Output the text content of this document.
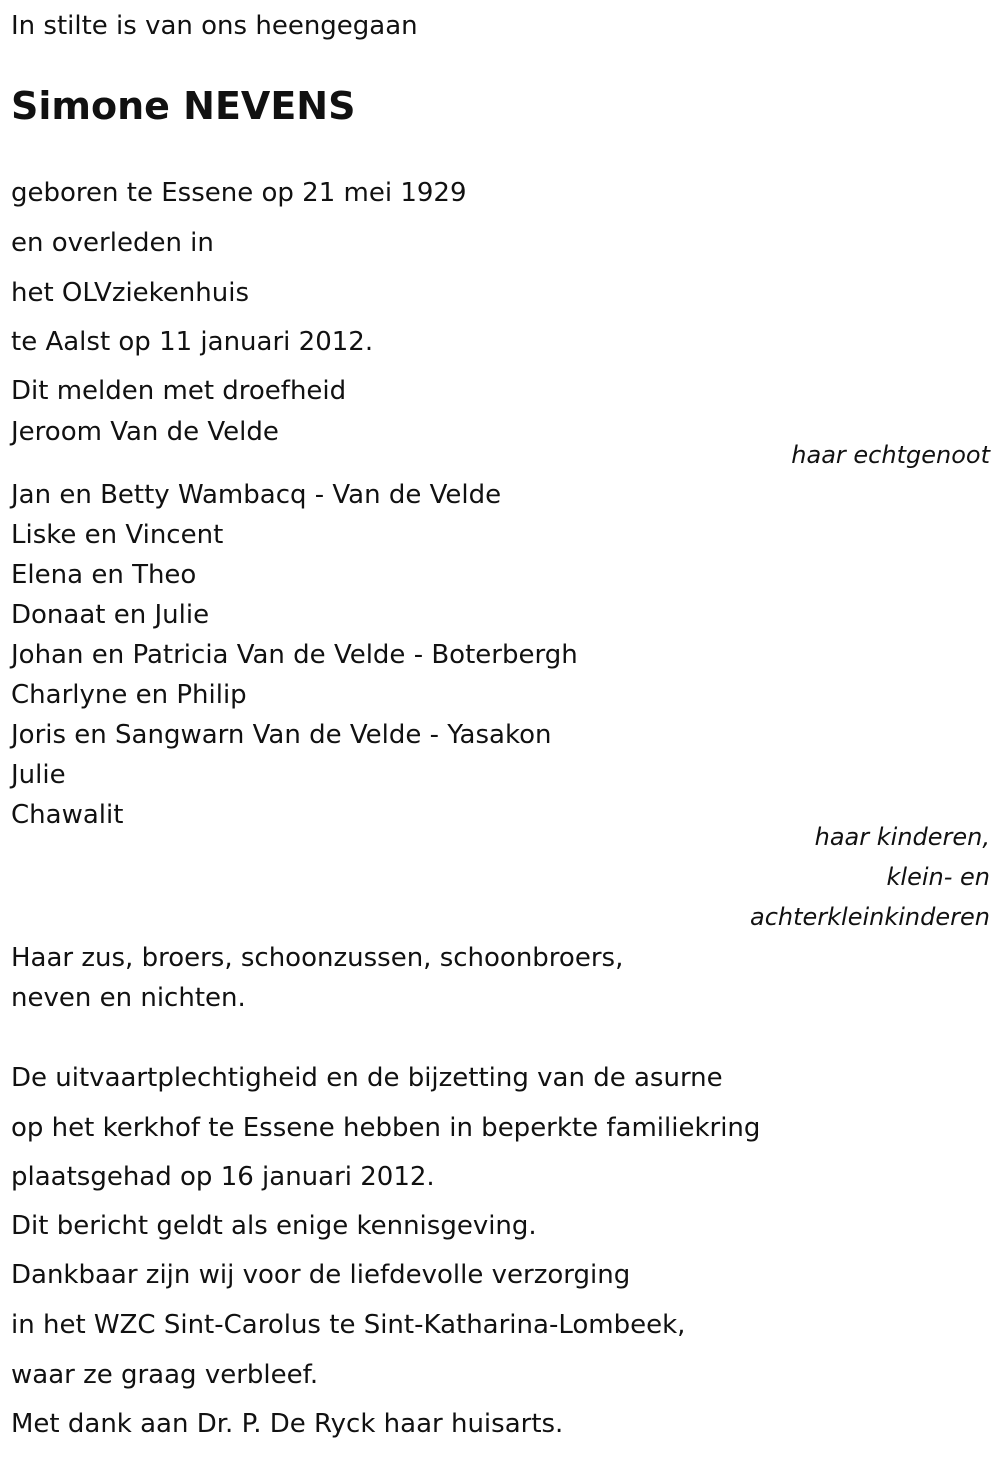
In stilte is van ons heengegaan
Simone NEVENS
geboren te Essene op 21 mei 1929
en overleden in
het OLVziekenhuis
te Aalst op 11 januari 2012.
Dit melden met droefheid
Jeroom Van de Velde
haar echtgenoot
Jan en Betty Wambacq - Van de Velde
Liske en Vincent
Elena en Theo
Donaat en Julie
Johan en Patricia Van de Velde - Boterbergh
Charlyne en Philip
Joris en Sangwarn Van de Velde - Yasakon
Julie
Chawalit
haar kinderen,
klein- en
achterkleinkinderen
Haar zus, broers, schoonzussen, schoonbroers,
neven en nichten.
De uitvaartplechtigheid en de bijzetting van de asurne
op het kerkhof te Essene hebben in beperkte familiekring
plaatsgehad op 16 januari 2012.
Dit bericht geldt als enige kennisgeving.
Dankbaar zijn wij voor de liefdevolle verzorging
in het WZC Sint-Carolus te Sint-Katharina-Lombeek,
waar ze graag verbleef.
Met dank aan Dr. P. De Ryck haar huisarts.
